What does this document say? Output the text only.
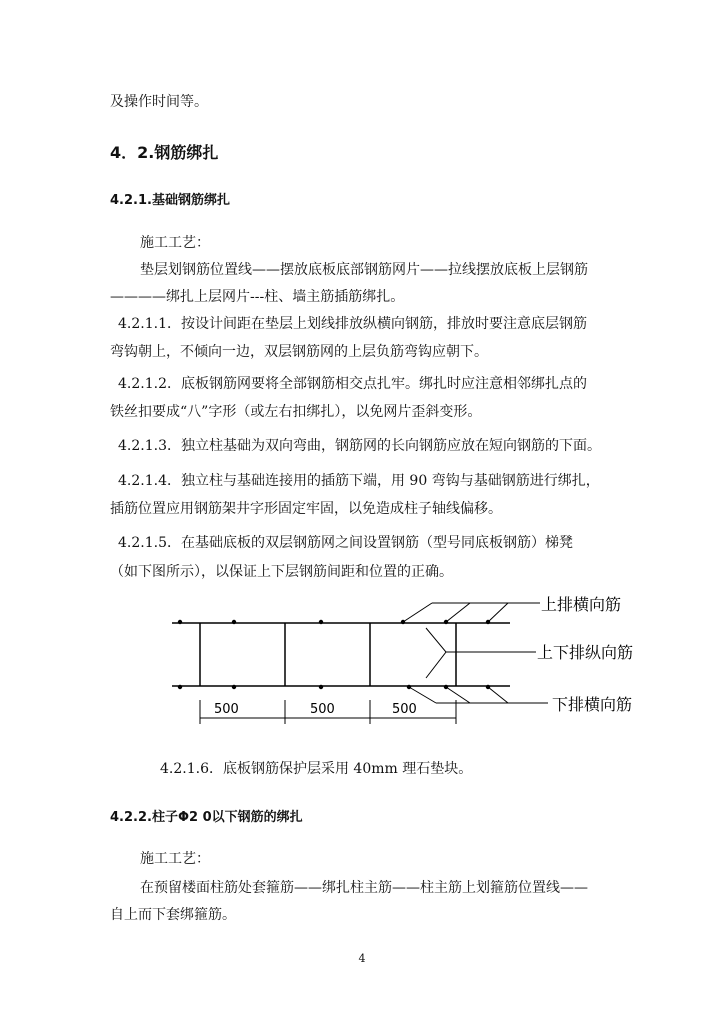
及操作时间等。
4．2.钢筋绑扎
4.2.1.基础钢筋绑扎
施工工艺：
垫层划钢筋位置线——摆放底板底部钢筋网片——拉线摆放底板上层钢筋
————绑扎上层网片---柱、墙主筋插筋绑扎。
4.2.1.1．按设计间距在垫层上划线排放纵横向钢筋，排放时要注意底层钢筋
弯钩朝上，不倾向一边，双层钢筋网的上层负筋弯钩应朝下。
4.2.1.2．底板钢筋网要将全部钢筋相交点扎牢。绑扎时应注意相邻绑扎点的
铁丝扣要成“八”字形（或左右扣绑扎），以免网片歪斜变形。
4.2.1.3．独立柱基础为双向弯曲，钢筋网的长向钢筋应放在短向钢筋的下面。
4.2.1.4．独立柱与基础连接用的插筋下端，用 90 弯钩与基础钢筋进行绑扎，
插筋位置应用钢筋架井字形固定牢固，以免造成柱子轴线偏移。
4.2.1.5．在基础底板的双层钢筋网之间设置钢筋（型号同底板钢筋）梯凳
（如下图所示），以保证上下层钢筋间距和位置的正确。
500	500	500
上排横向筋
上下排纵向筋
下排横向筋
4.2.1.6．底板钢筋保护层采用 40mm 理石垫块。
4.2.2.柱子Φ2 0以下钢筋的绑扎
施工工艺：
在预留楼面柱筋处套箍筋——绑扎柱主筋——柱主筋上划箍筋位置线——
自上而下套绑箍筋。
4
